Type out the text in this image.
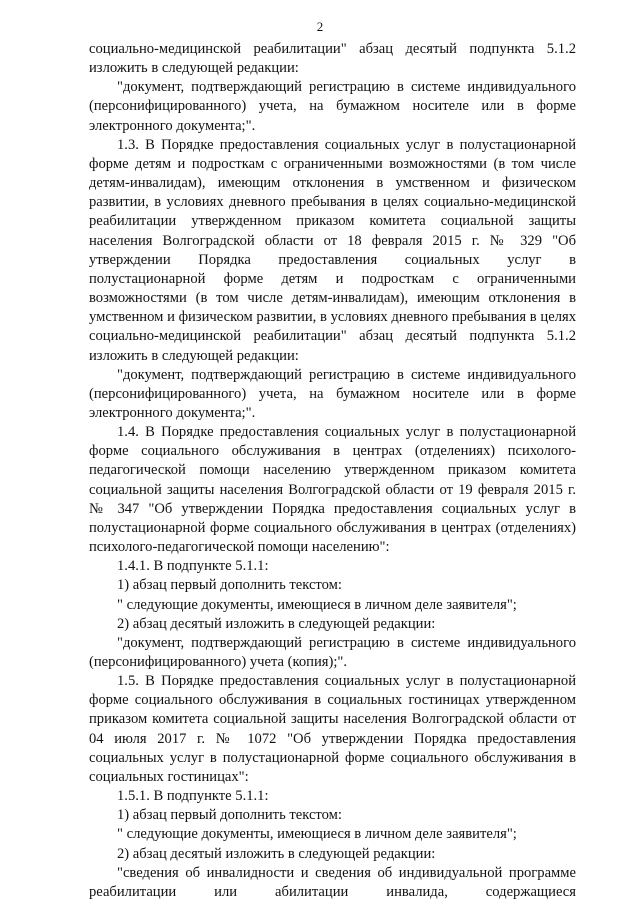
2

социально-медицинской реабилитации" абзац десятый подпункта 5.1.2 изложить в следующей редакции:

"документ, подтверждающий регистрацию в системе индивидуального (персонифицированного) учета, на бумажном носителе или в форме электронного документа;".

1.3. В Порядке предоставления социальных услуг в полустационарной форме детям и подросткам с ограниченными возможностями (в том числе детям-инвалидам), имеющим отклонения в умственном и физическом развитии, в условиях дневного пребывания в целях социально-медицинской реабилитации утвержденном приказом комитета социальной защиты населения Волгоградской области от 18 февраля 2015 г. № 329 "Об утверждении Порядка предоставления социальных услуг в полустационарной форме детям и подросткам с ограниченными возможностями (в том числе детям-инвалидам), имеющим отклонения в умственном и физическом развитии, в условиях дневного пребывания в целях социально-медицинской реабилитации" абзац десятый подпункта 5.1.2 изложить в следующей редакции:

"документ, подтверждающий регистрацию в системе индивидуального (персонифицированного) учета, на бумажном носителе или в форме электронного документа;".

1.4. В Порядке предоставления социальных услуг в полустационарной форме социального обслуживания в центрах (отделениях) психолого-педагогической помощи населению утвержденном приказом комитета социальной защиты населения Волгоградской области от 19 февраля 2015 г. № 347 "Об утверждении Порядка предоставления социальных услуг в полустационарной форме социального обслуживания в центрах (отделениях) психолого-педагогической помощи населению":

1.4.1. В подпункте 5.1.1:

1) абзац первый дополнить текстом:

" следующие документы, имеющиеся в личном деле заявителя";

2) абзац десятый изложить в следующей редакции:

"документ, подтверждающий регистрацию в системе индивидуального (персонифицированного) учета (копия);".

1.5. В Порядке предоставления социальных услуг в полустационарной форме социального обслуживания в социальных гостиницах утвержденном приказом комитета социальной защиты населения Волгоградской области от 04 июля 2017 г. № 1072 "Об утверждении Порядка предоставления социальных услуг в полустационарной форме социального обслуживания в социальных гостиницах":

1.5.1. В подпункте 5.1.1:

1) абзац первый дополнить текстом:

" следующие документы, имеющиеся в личном деле заявителя";

2) абзац десятый изложить в следующей редакции:

"сведения об инвалидности и сведения об индивидуальной программе реабилитации или абилитации инвалида, содержащиеся
